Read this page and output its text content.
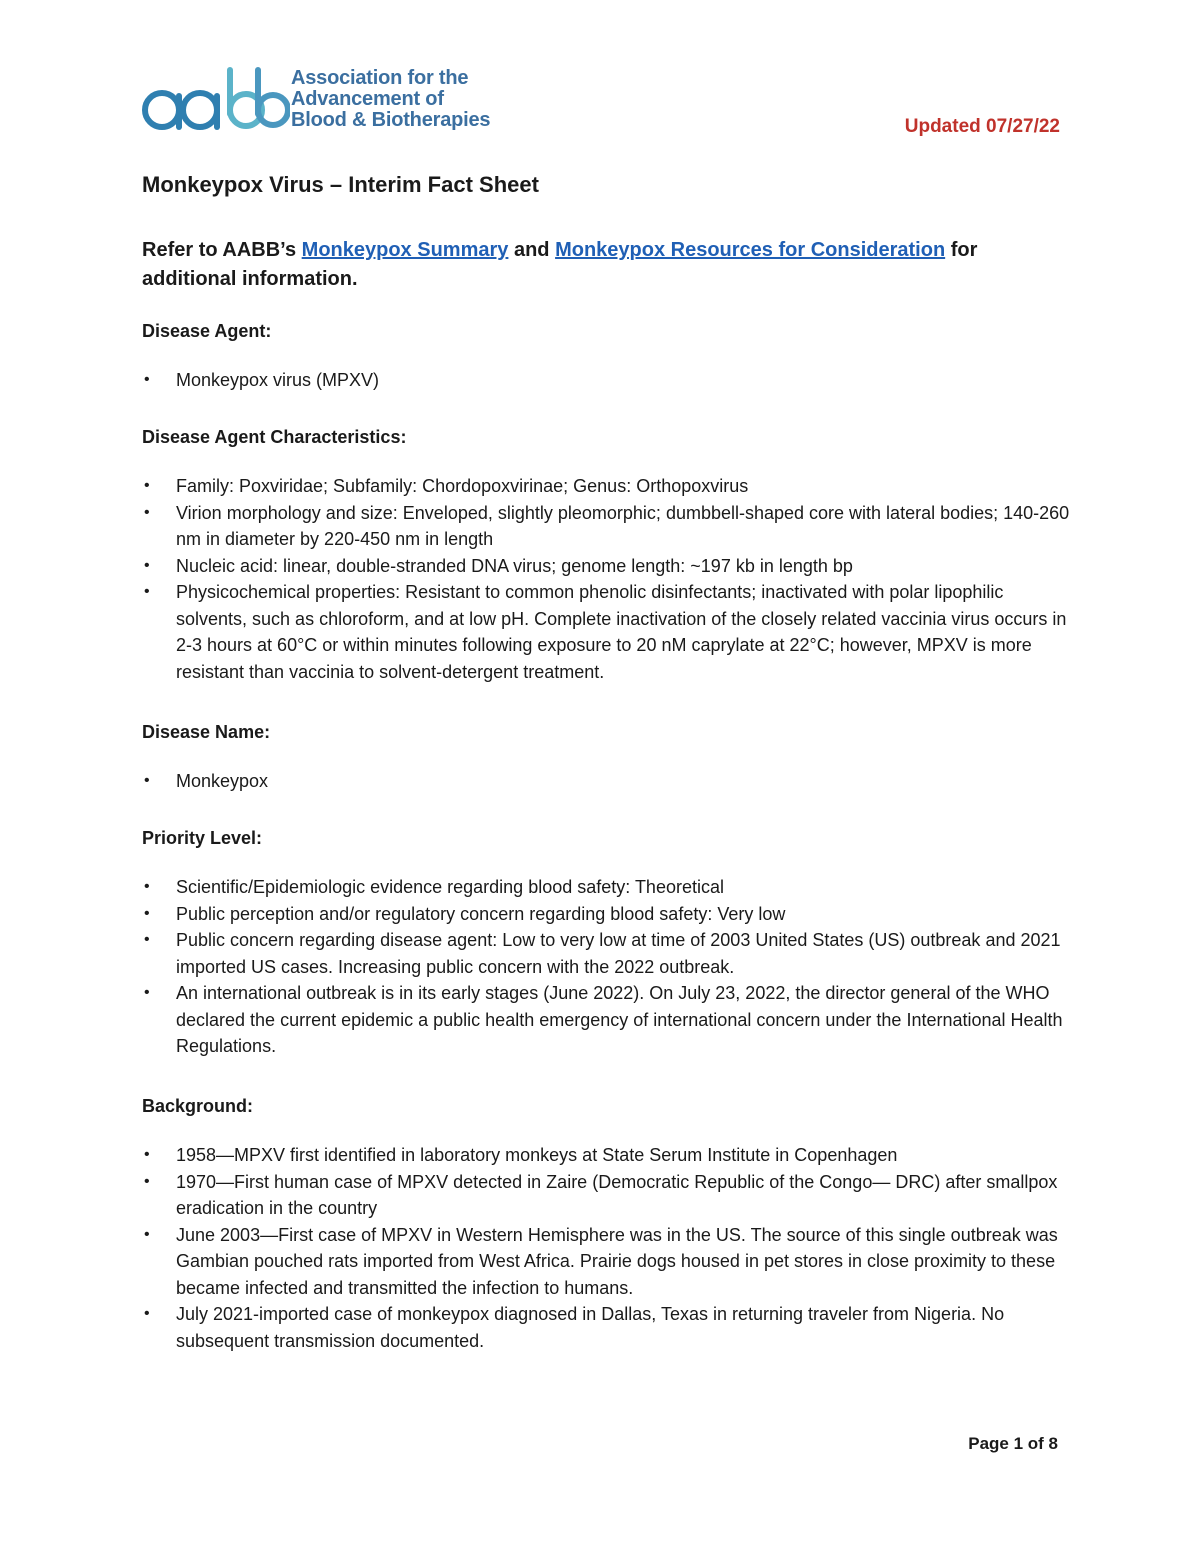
Association for the
Advancement of
Blood & Biotherapies	Updated 07/27/22
Monkeypox Virus – Interim Fact Sheet

Refer to AABB’s Monkeypox Summary and Monkeypox Resources for Consideration for additional information.

Disease Agent:

• Monkeypox virus (MPXV)

Disease Agent Characteristics:

• Family: Poxviridae; Subfamily: Chordopoxvirinae; Genus: Orthopoxvirus
• Virion morphology and size: Enveloped, slightly pleomorphic; dumbbell-shaped core with lateral bodies; 140-260 nm in diameter by 220-450 nm in length
• Nucleic acid: linear, double-stranded DNA virus; genome length: ~197 kb in length bp
• Physicochemical properties: Resistant to common phenolic disinfectants; inactivated with polar lipophilic solvents, such as chloroform, and at low pH. Complete inactivation of the closely related vaccinia virus occurs in 2-3 hours at 60°C or within minutes following exposure to 20 nM caprylate at 22°C; however, MPXV is more resistant than vaccinia to solvent-detergent treatment.

Disease Name:

• Monkeypox

Priority Level:

• Scientific/Epidemiologic evidence regarding blood safety: Theoretical
• Public perception and/or regulatory concern regarding blood safety: Very low
• Public concern regarding disease agent: Low to very low at time of 2003 United States (US) outbreak and 2021 imported US cases. Increasing public concern with the 2022 outbreak.
• An international outbreak is in its early stages (June 2022). On July 23, 2022, the director general of the WHO declared the current epidemic a public health emergency of international concern under the International Health Regulations.

Background:

• 1958—MPXV first identified in laboratory monkeys at State Serum Institute in Copenhagen
• 1970—First human case of MPXV detected in Zaire (Democratic Republic of the Congo— DRC) after smallpox eradication in the country
• June 2003—First case of MPXV in Western Hemisphere was in the US. The source of this single outbreak was Gambian pouched rats imported from West Africa. Prairie dogs housed in pet stores in close proximity to these became infected and transmitted the infection to humans.
• July 2021-imported case of monkeypox diagnosed in Dallas, Texas in returning traveler from Nigeria. No subsequent transmission documented.
Page 1 of 8
